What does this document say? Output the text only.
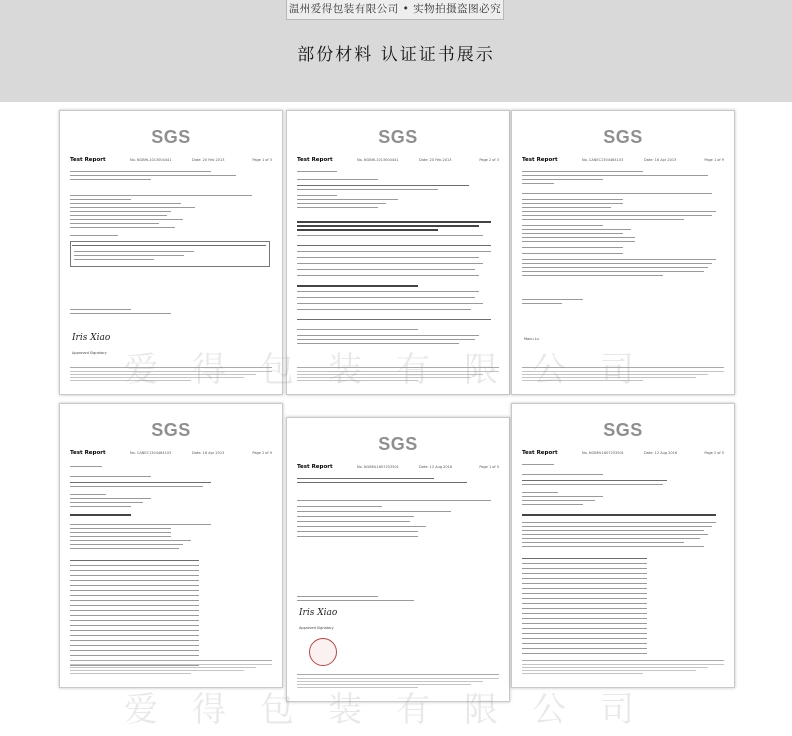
温州爱得包装有限公司 • 实物拍摄盗图必究
部份材料 认证证书展示
SGS
Test Report	No. NGBHL1013004441	Date: 20 Feb 2013	Page 1 of 3
Iris Xiao
Approved Signatory
SGS
Test Report	No. NGBHL1013004441	Date: 20 Feb 2013	Page 2 of 3
SGS
Test Report	No. CANEC1304484103	Date: 16 Apr 2013	Page 1 of 9
Manu Lu
SGS
Test Report	No. CANEC1304484103	Date: 16 Apr 2013	Page 2 of 9	SGS
Test Report	No. NGBML1607253501	Date: 12 Aug 2016	Page 1 of 5
Iris Xiao
Approved Signatory
SGS
Test Report	No. NGBML1607253501	Date: 12 Aug 2016	Page 2 of 5
爱得包装有限公司
爱得包装有限公司
